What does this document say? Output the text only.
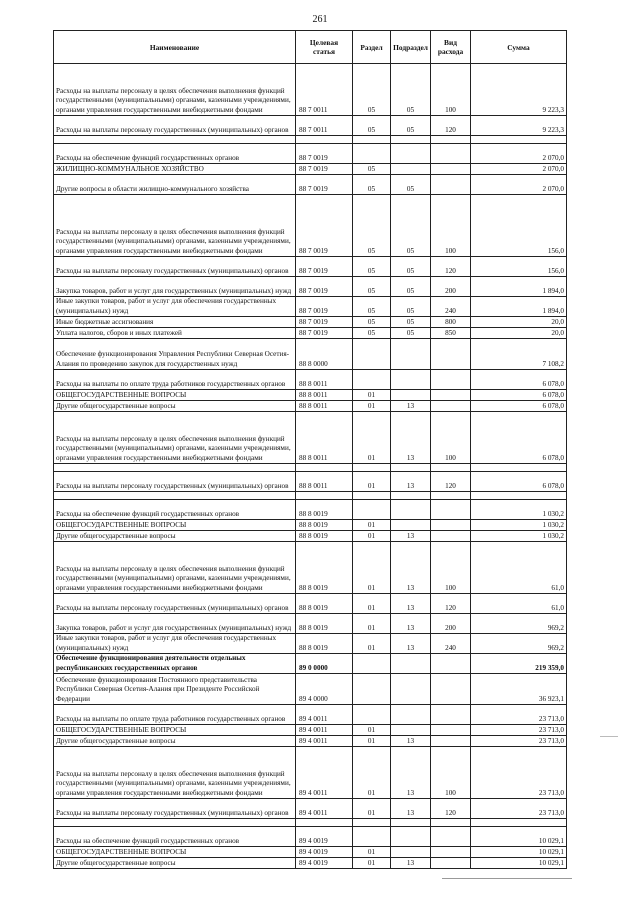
261
Наименование	Целевая статья	Раздел	Подраздел	Вид расхода	Сумма
Расходы на выплаты персоналу в целях обеспечения выполнения функций государственными (муниципальными) органами, казенными учреждениями, органами управления государственными внебюджетными фондами	88 7 0011	05	05	100	9 223,3
Расходы на выплаты персоналу государственных (муниципальных) органов	88 7 0011	05	05	120	9 223,3

Расходы на обеспечение функций государственных органов	88 7 0019				2 070,0
ЖИЛИЩНО-КОММУНАЛЬНОЕ ХОЗЯЙСТВО	88 7 0019	05			2 070,0
Другие вопросы в области жилищно-коммунального хозяйства	88 7 0019	05	05		2 070,0
Расходы на выплаты персоналу в целях обеспечения выполнения функций государственными (муниципальными) органами, казенными учреждениями, органами управления государственными внебюджетными фондами	88 7 0019	05	05	100	156,0
Расходы на выплаты персоналу государственных (муниципальных) органов	88 7 0019	05	05	120	156,0
Закупка товаров, работ и услуг для государственных (муниципальных) нужд	88 7 0019	05	05	200	1 894,0
Иные закупки товаров, работ и услуг для обеспечения государственных (муниципальных) нужд	88 7 0019	05	05	240	1 894,0
Иные бюджетные ассигнования	88 7 0019	05	05	800	20,0
Уплата налогов, сборов и иных платежей	88 7 0019	05	05	850	20,0
Обеспечение функционирования Управления Республики Северная Осетия-Алания по проведению закупок для государственных нужд	88 8 0000				7 108,2
Расходы на выплаты по оплате труда работников государственных органов	88 8 0011				6 078,0
ОБЩЕГОСУДАРСТВЕННЫЕ ВОПРОСЫ	88 8 0011	01			6 078,0
Другие общегосударственные вопросы	88 8 0011	01	13		6 078,0
Расходы на выплаты персоналу в целях обеспечения выполнения функций государственными (муниципальными) органами, казенными учреждениями, органами управления государственными внебюджетными фондами	88 8 0011	01	13	100	6 078,0

Расходы на выплаты персоналу государственных (муниципальных) органов	88 8 0011	01	13	120	6 078,0

Расходы на обеспечение функций государственных органов	88 8 0019				1 030,2
ОБЩЕГОСУДАРСТВЕННЫЕ ВОПРОСЫ	88 8 0019	01			1 030,2
Другие общегосударственные вопросы	88 8 0019	01	13		1 030,2
Расходы на выплаты персоналу в целях обеспечения выполнения функций государственными (муниципальными) органами, казенными учреждениями, органами управления государственными внебюджетными фондами	88 8 0019	01	13	100	61,0
Расходы на выплаты персоналу государственных (муниципальных) органов	88 8 0019	01	13	120	61,0
Закупка товаров, работ и услуг для государственных (муниципальных) нужд	88 8 0019	01	13	200	969,2
Иные закупки товаров, работ и услуг для обеспечения государственных (муниципальных) нужд	88 8 0019	01	13	240	969,2
Обеспечение функционирования деятельности отдельных республиканских государственных органов	89 0 0000				219 359,0
Обеспечение функционирования Постоянного представительства Республики Северная Осетия-Алания при Президенте Российской Федерации	89 4 0000				36 923,1
Расходы на выплаты по оплате труда работников государственных органов	89 4 0011				23 713,0
ОБЩЕГОСУДАРСТВЕННЫЕ ВОПРОСЫ	89 4 0011	01			23 713,0
Другие общегосударственные вопросы	89 4 0011	01	13		23 713,0
Расходы на выплаты персоналу в целях обеспечения выполнения функций государственными (муниципальными) органами, казенными учреждениями, органами управления государственными внебюджетными фондами	89 4 0011	01	13	100	23 713,0
Расходы на выплаты персоналу государственных (муниципальных) органов	89 4 0011	01	13	120	23 713,0

Расходы на обеспечение функций государственных органов	89 4 0019				10 029,1
ОБЩЕГОСУДАРСТВЕННЫЕ ВОПРОСЫ	89 4 0019	01			10 029,1
Другие общегосударственные вопросы	89 4 0019	01	13		10 029,1
